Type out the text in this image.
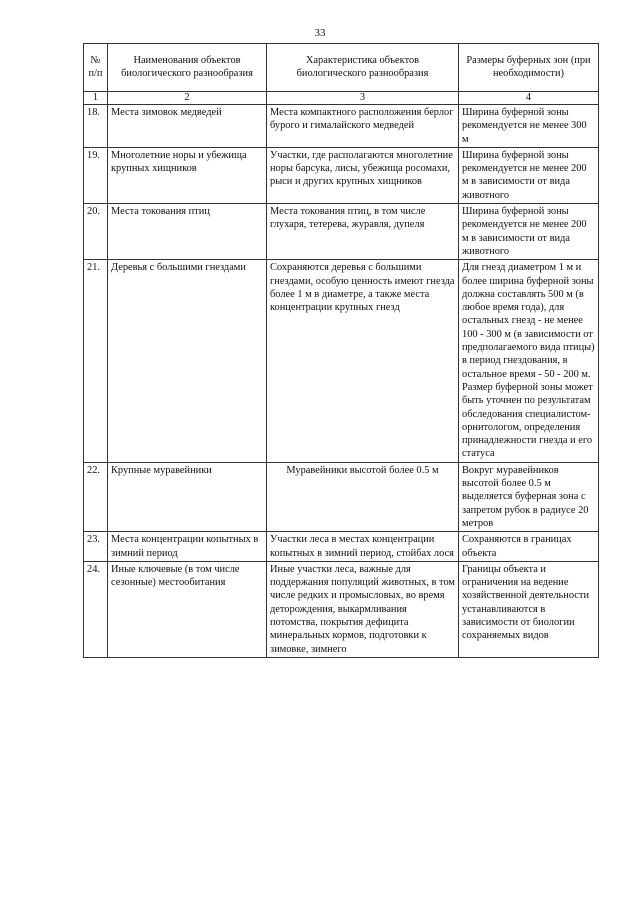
33
№ п/п	Наименования объектов биологического разнообразия	Характеристика объектов биологического разнообразия	Размеры буферных зон (при необходимости)
1	2	3	4
18.	Места зимовок медведей	Места компактного расположения берлог бурого и гималайского медведей	Ширина буферной зоны рекомендуется не менее 300 м
19.	Многолетние норы и убежища крупных хищников	Участки, где располагаются многолетние норы барсука, лисы, убежища росомахи, рыси и других крупных хищников	Ширина буферной зоны рекомендуется не менее 200 м в зависимости от вида животного
20.	Места токования птиц	Места токования птиц, в том числе глухаря, тетерева, журавля, дупеля	Ширина буферной зоны рекомендуется не менее 200 м в зависимости от вида животного
21.	Деревья с большими гнездами	Сохраняются деревья с большими гнездами, особую ценность имеют гнезда более 1 м в диаметре, а также места концентрации крупных гнезд	Для гнезд диаметром 1 м и более ширина буферной зоны должна составлять 500 м (в любое время года), для остальных гнезд - не менее 100 - 300 м (в зависимости от предполагаемого вида птицы) в период гнездования, в остальное время - 50 - 200 м. Размер буферной зоны может быть уточнен по результатам обследования специалистом-орнитологом, определения принадлежности гнезда и его статуса
22.	Крупные муравейники	Муравейники высотой более 0.5 м	Вокруг муравейников высотой более 0.5 м выделяется буферная зона с запретом рубок в радиусе 20 метров
23.	Места концентрации копытных в зимний период	Участки леса в местах концентрации копытных в зимний период, стойбах лося	Сохраняются в границах объекта
24.	Иные ключевые (в том числе сезонные) местообитания	Иные участки леса, важные для поддержания популяций животных, в том числе редких и промысловых, во время деторождения, выкармливания потомства, покрытия дефицита минеральных кормов, подготовки к зимовке, зимнего	Границы объекта и ограничения на ведение хозяйственной деятельности устанавливаются в зависимости от биологии сохраняемых видов
